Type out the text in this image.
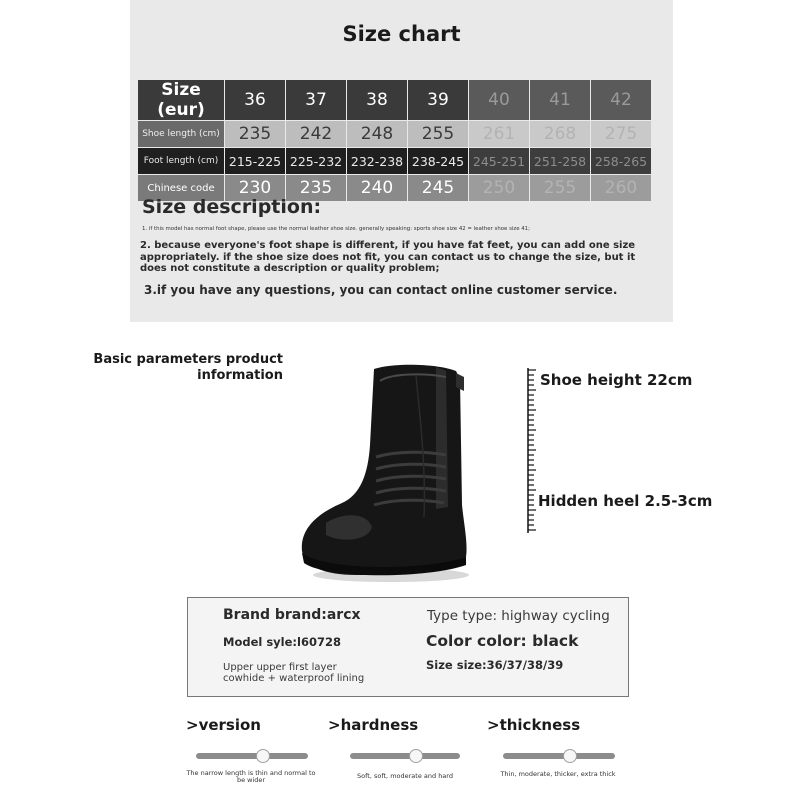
Size chart
Size (eur)	36	37	38	39	40	41	42
Shoe length (cm)	235	242	248	255	261	268	275
Foot length (cm)	215-225	225-232	232-238	238-245	245-251	251-258	258-265
Chinese code	230	235	240	245	250	255	260
Size description:
1. if this model has normal foot shape, please use the normal leather shoe size. generally speaking: sports shoe size 42 = leather shoe size 41;
2. because everyone's foot shape is different, if you have fat feet, you can add one size appropriately. if the shoe size does not fit, you can contact us to change the size, but it does not constitute a description or quality problem;
3.if you have any questions, you can contact online customer service.
Basic parameters product
information	Shoe height 22cm
Hidden heel 2.5-3cm
Brand brand:arcx	Type type: highway cycling
Model syle:l60728	Color color: black
Upper upper first layer
cowhide + waterproof lining
Size size:36/37/38/39
>version
The narrow length is thin and normal to
be wider
>hardness
Soft, soft, moderate and hard
>thickness
Thin, moderate, thicker, extra thick
